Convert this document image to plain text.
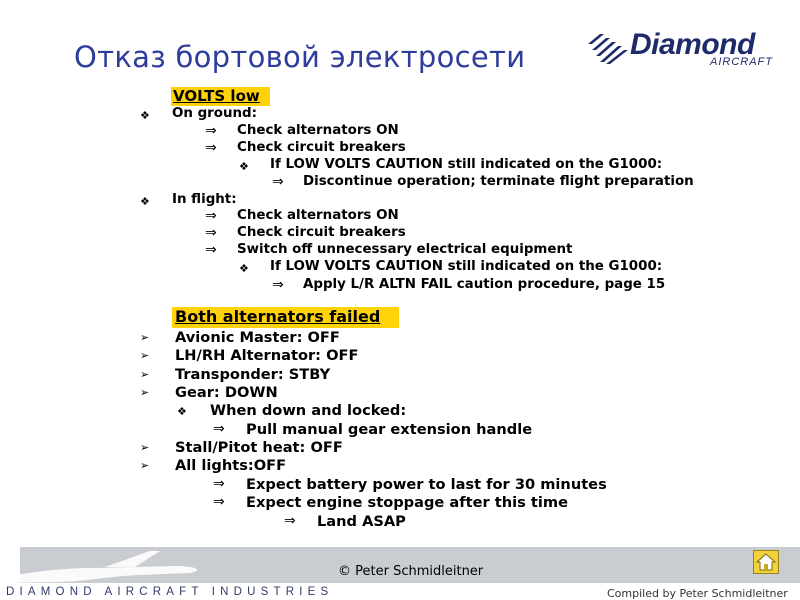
Отказ бортовой электросети	Diamond
AIRCRAFT
VOLTS low
❖ On ground:
⇒ Check alternators ON
⇒ Check circuit breakers
❖ If LOW VOLTS CAUTION still indicated on the G1000:
⇒ Discontinue operation; terminate flight preparation
❖ In flight:
⇒ Check alternators ON
⇒ Check circuit breakers
⇒ Switch off unnecessary electrical equipment
❖ If LOW VOLTS CAUTION still indicated on the G1000:
⇒ Apply L/R ALTN FAIL caution procedure, page 15
Both alternators failed
➢ Avionic Master: OFF
➢ LH/RH Alternator: OFF
➢ Transponder: STBY
➢ Gear: DOWN
❖ When down and locked:
⇒ Pull manual gear extension handle
➢ Stall/Pitot heat: OFF
➢ All lights:OFF
⇒ Expect battery power to last for 30 minutes
⇒ Expect engine stoppage after this time
⇒ Land ASAP
DIAMOND AIRCRAFT INDUSTRIES
© Peter Schmidleitner
Compiled by Peter Schmidleitner
